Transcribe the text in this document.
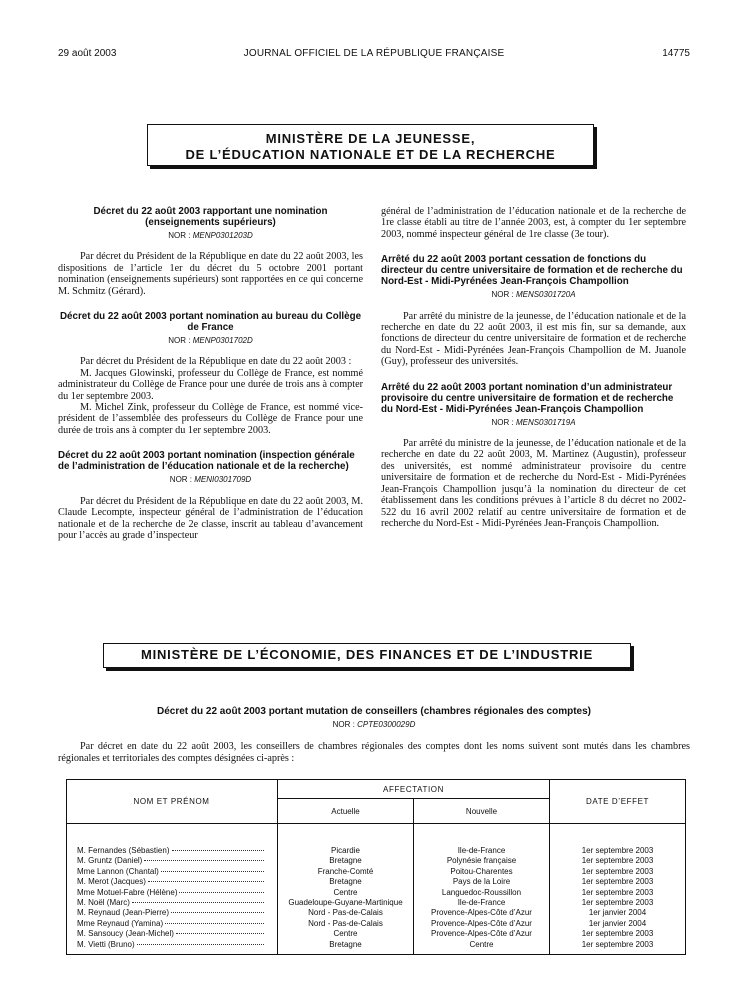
29 août 2003	JOURNAL OFFICIEL DE LA RÉPUBLIQUE FRANÇAISE	14775
MINISTÈRE DE LA JEUNESSE,
DE L’ÉDUCATION NATIONALE ET DE LA RECHERCHE
Décret du 22 août 2003 rapportant une nomination (enseignements supérieurs)
NOR : MENP0301203D

Par décret du Président de la République en date du 22 août 2003, les dispositions de l’article 1er du décret du 5 octobre 2001 portant nomination (enseignements supérieurs) sont rapportées en ce qui concerne M. Schmitz (Gérard).

Décret du 22 août 2003 portant nomination au bureau du Collège de France
NOR : MENP0301702D

Par décret du Président de la République en date du 22 août 2003 :

M. Jacques Glowinski, professeur du Collège de France, est nommé administrateur du Collège de France pour une durée de trois ans à compter du 1er septembre 2003.

M. Michel Zink, professeur du Collège de France, est nommé vice-président de l’assemblée des professeurs du Collège de France pour une durée de trois ans à compter du 1er septembre 2003.

Décret du 22 août 2003 portant nomination (inspection générale de l’administration de l’éducation nationale et de la recherche)
NOR : MENI0301709D

Par décret du Président de la République en date du 22 août 2003, M. Claude Lecompte, inspecteur général de l’administration de l’éducation nationale et de la recherche de 2e classe, inscrit au tableau d’avancement pour l’accès au grade d’inspecteur

général de l’administration de l’éducation nationale et de la recherche de 1re classe établi au titre de l’année 2003, est, à compter du 1er septembre 2003, nommé inspecteur général de 1re classe (3e tour).

Arrêté du 22 août 2003 portant cessation de fonctions du directeur du centre universitaire de formation et de recherche du Nord-Est - Midi-Pyrénées Jean-François Champollion
NOR : MENS0301720A

Par arrêté du ministre de la jeunesse, de l’éducation nationale et de la recherche en date du 22 août 2003, il est mis fin, sur sa demande, aux fonctions de directeur du centre universitaire de formation et de recherche du Nord-Est - Midi-Pyrénées Jean-François Champollion de M. Juanole (Guy), professeur des universités.

Arrêté du 22 août 2003 portant nomination d’un administrateur provisoire du centre universitaire de formation et de recherche du Nord-Est - Midi-Pyrénées Jean-François Champollion
NOR : MENS0301719A

Par arrêté du ministre de la jeunesse, de l’éducation nationale et de la recherche en date du 22 août 2003, M. Martinez (Augustin), professeur des universités, est nommé administrateur provisoire du centre universitaire de formation et de recherche du Nord-Est - Midi-Pyrénées Jean-François Champollion jusqu’à la nomination du directeur de cet établissement dans les conditions prévues à l’article 8 du décret no 2002-522 du 16 avril 2002 relatif au centre universitaire de formation et de recherche du Nord-Est - Midi-Pyrénées Jean-François Champollion.

MINISTÈRE DE L’ÉCONOMIE, DES FINANCES ET DE L’INDUSTRIE
Décret du 22 août 2003 portant mutation de conseillers (chambres régionales des comptes)
NOR : CPTE0300029D

Par décret en date du 22 août 2003, les conseillers de chambres régionales des comptes dont les noms suivent sont mutés dans les chambres régionales et territoriales des comptes désignées ci-après :

NOM ET PRÉNOM	AFFECTATION		DATE D’EFFET
	Actuelle	Nouvelle	
M. Fernandes (Sébastien)	Picardie	Ile-de-France	1er septembre 2003
M. Gruntz (Daniel)	Bretagne	Polynésie française	1er septembre 2003
Mme Lannon (Chantal)	Franche-Comté	Poitou-Charentes	1er septembre 2003
M. Merot (Jacques)	Bretagne	Pays de la Loire	1er septembre 2003
Mme Motuel-Fabre (Hélène)	Centre	Languedoc-Roussillon	1er septembre 2003
M. Noël (Marc)	Guadeloupe-Guyane-Martinique	Ile-de-France	1er septembre 2003
M. Reynaud (Jean-Pierre)	Nord - Pas-de-Calais	Provence-Alpes-Côte d’Azur	1er janvier 2004
Mme Reynaud (Yamina)	Nord - Pas-de-Calais	Provence-Alpes-Côte d’Azur	1er janvier 2004
M. Sansoucy (Jean-Michel)	Centre	Provence-Alpes-Côte d’Azur	1er septembre 2003
M. Vietti (Bruno)	Bretagne	Centre	1er septembre 2003
